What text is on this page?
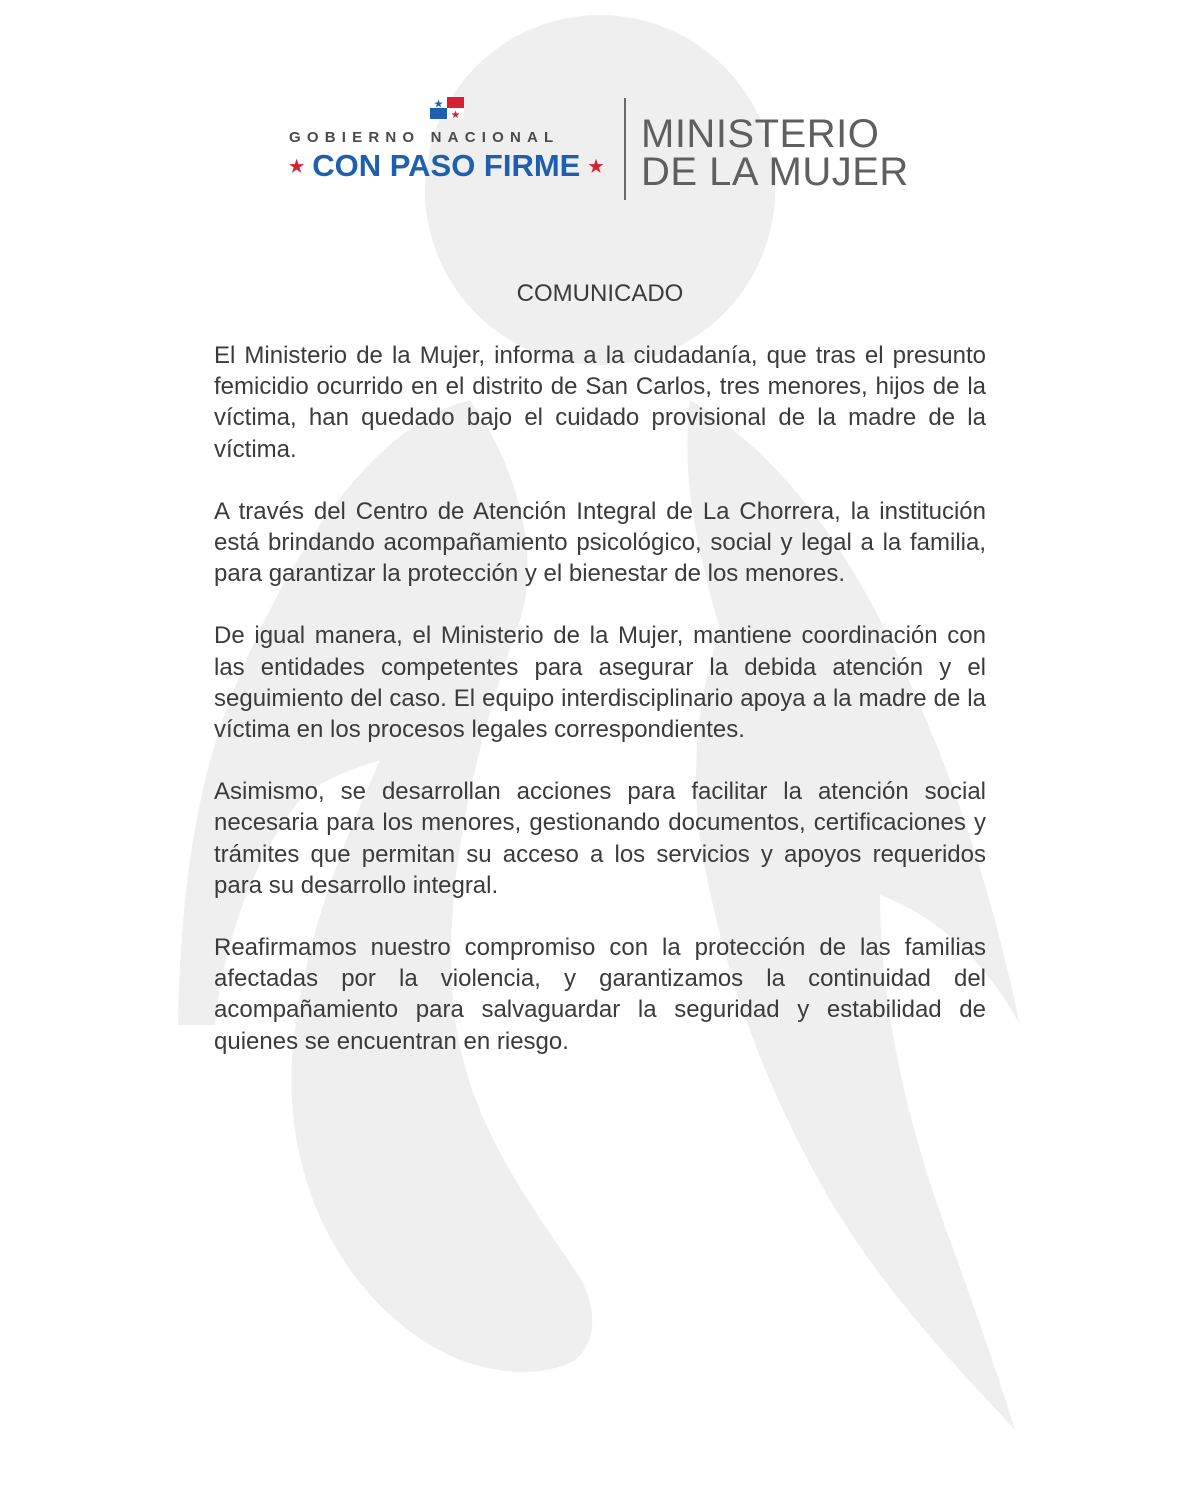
GOBIERNO NACIONAL
★ CON PASO FIRME ★
MINISTERIO
DE LA MUJER
COMUNICADO

El Ministerio de la Mujer, informa a la ciudadanía, que tras el presunto femicidio ocurrido en el distrito de San Carlos, tres menores, hijos de la víctima, han quedado bajo el cuidado provisional de la madre de la víctima.

A través del Centro de Atención Integral de La Chorrera, la institución está brindando acompañamiento psicológico, social y legal a la familia, para garantizar la protección y el bienestar de los menores.

De igual manera, el Ministerio de la Mujer, mantiene coordinación con las entidades competentes para asegurar la debida atención y el seguimiento del caso. El equipo interdisciplinario apoya a la madre de la víctima en los procesos legales correspondientes.

Asimismo, se desarrollan acciones para facilitar la atención social necesaria para los menores, gestionando documentos, certificaciones y trámites que permitan su acceso a los servicios y apoyos requeridos para su desarrollo integral.

Reafirmamos nuestro compromiso con la protección de las familias afectadas por la violencia, y garantizamos la continuidad del acompañamiento para salvaguardar la seguridad y estabilidad de quienes se encuentran en riesgo.
